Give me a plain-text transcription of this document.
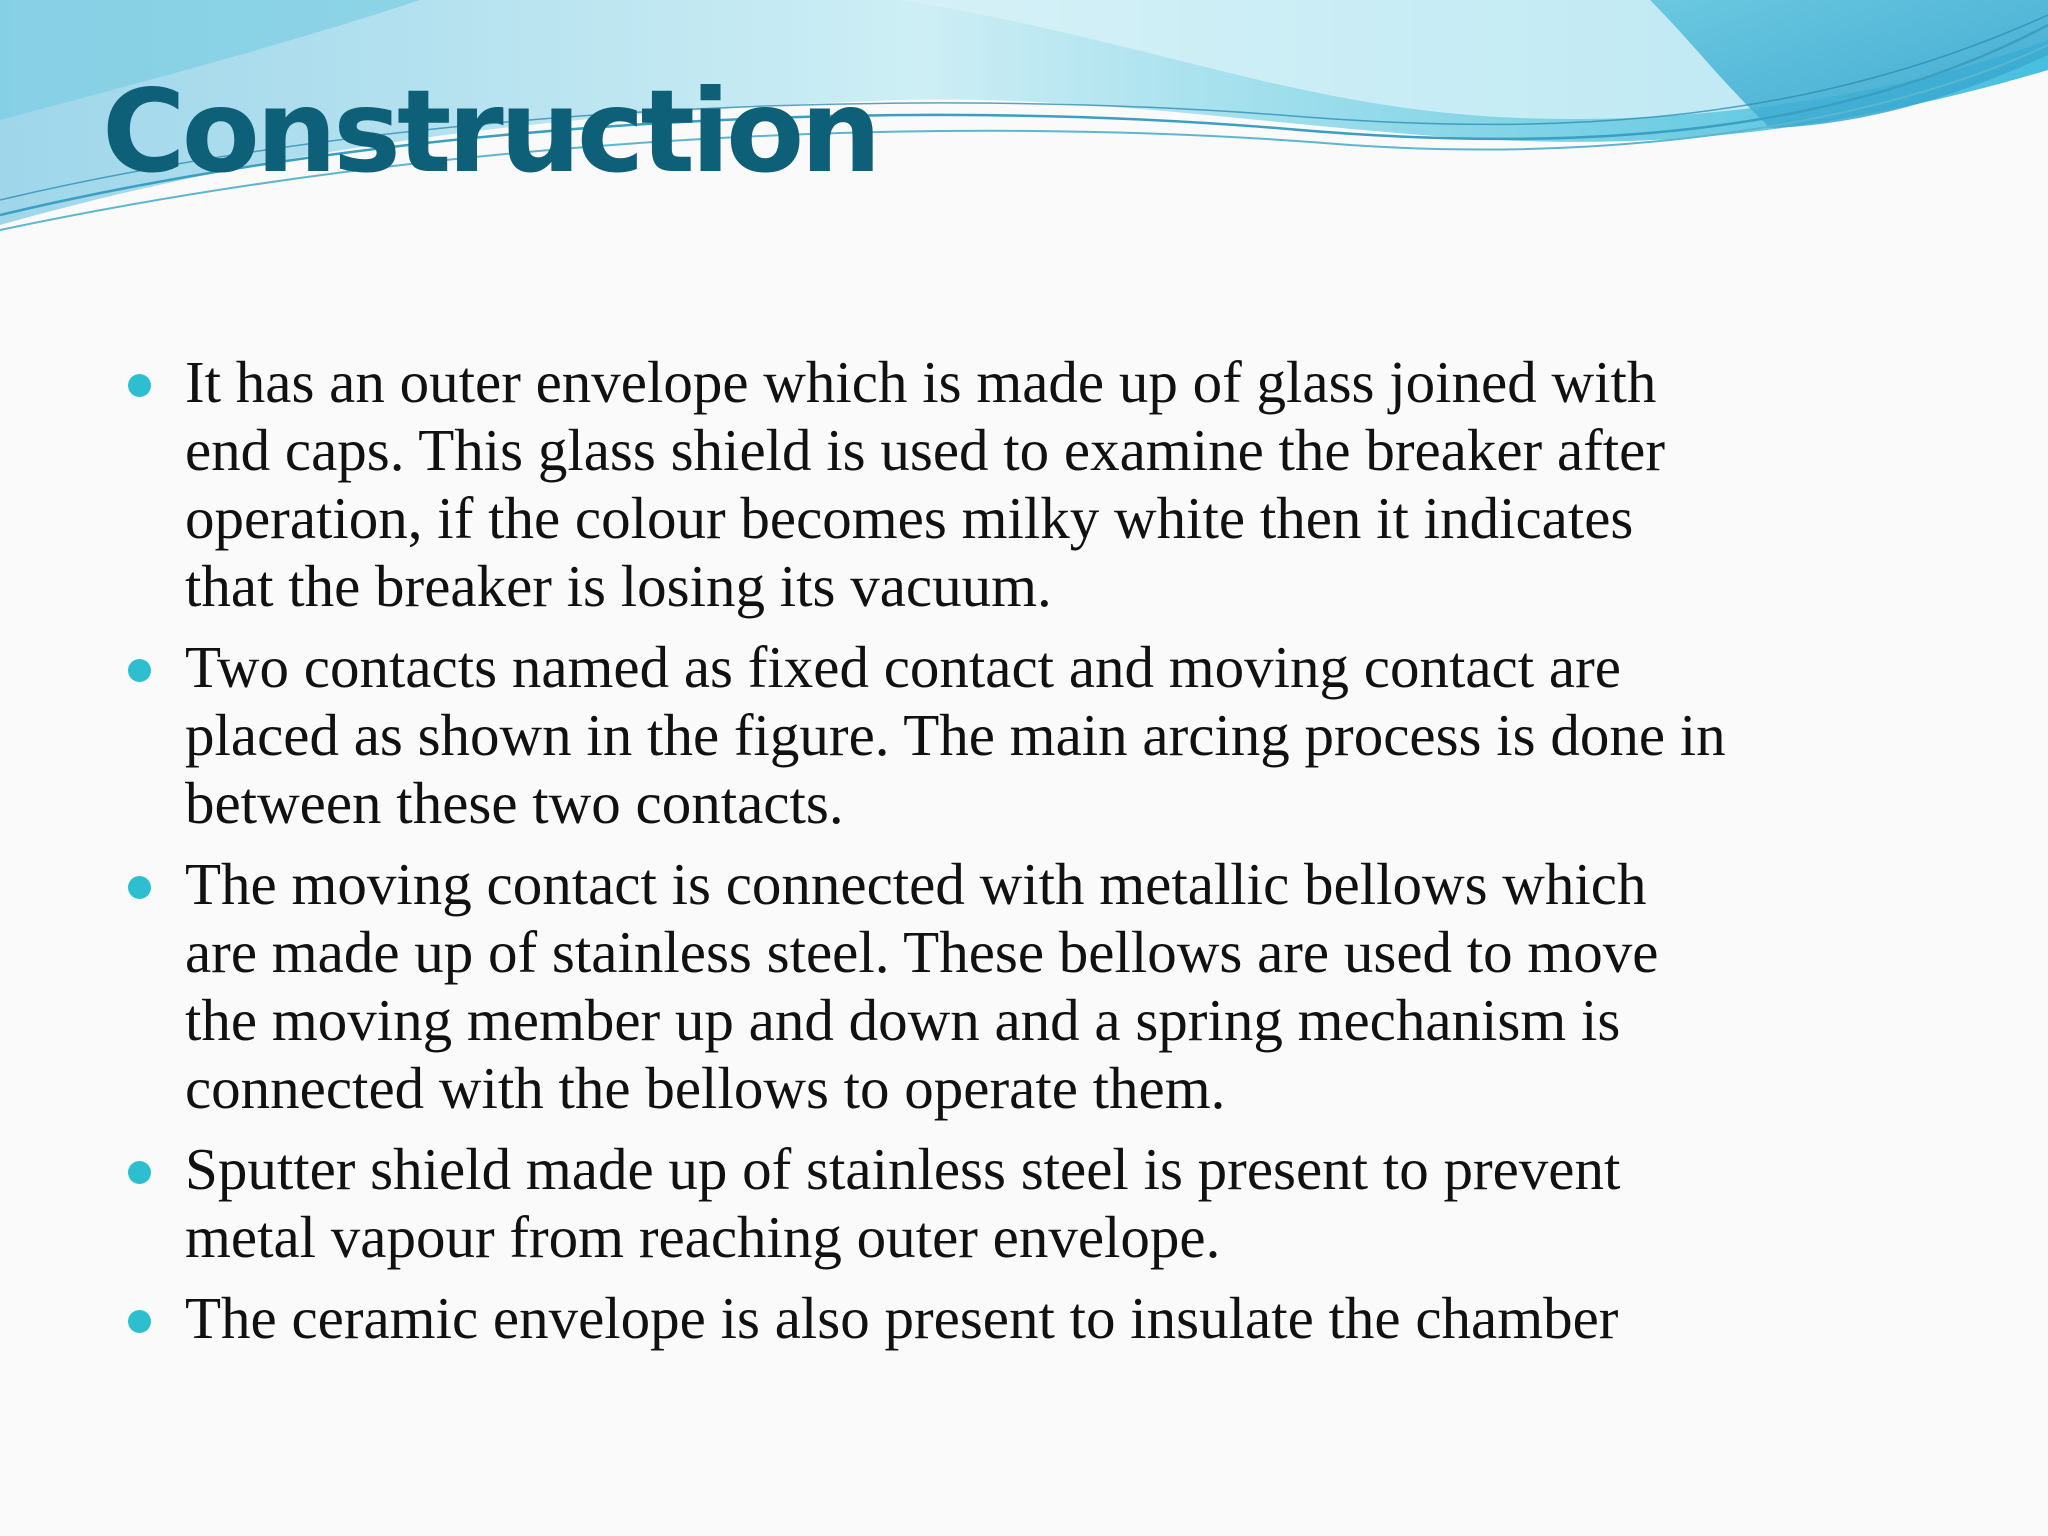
Construction
It has an outer envelope which is made up of glass joined with
end caps. This glass shield is used to examine the breaker after
operation, if the colour becomes milky white then it indicates
that the breaker is losing its vacuum.
Two contacts named as fixed contact and moving contact are
placed as shown in the figure. The main arcing process is done in
between these two contacts.
The moving contact is connected with metallic bellows which
are made up of stainless steel. These bellows are used to move
the moving member up and down and a spring mechanism is
connected with the bellows to operate them.
Sputter shield made up of stainless steel is present to prevent
metal vapour from reaching outer envelope.
The ceramic envelope is also present to insulate the chamber
